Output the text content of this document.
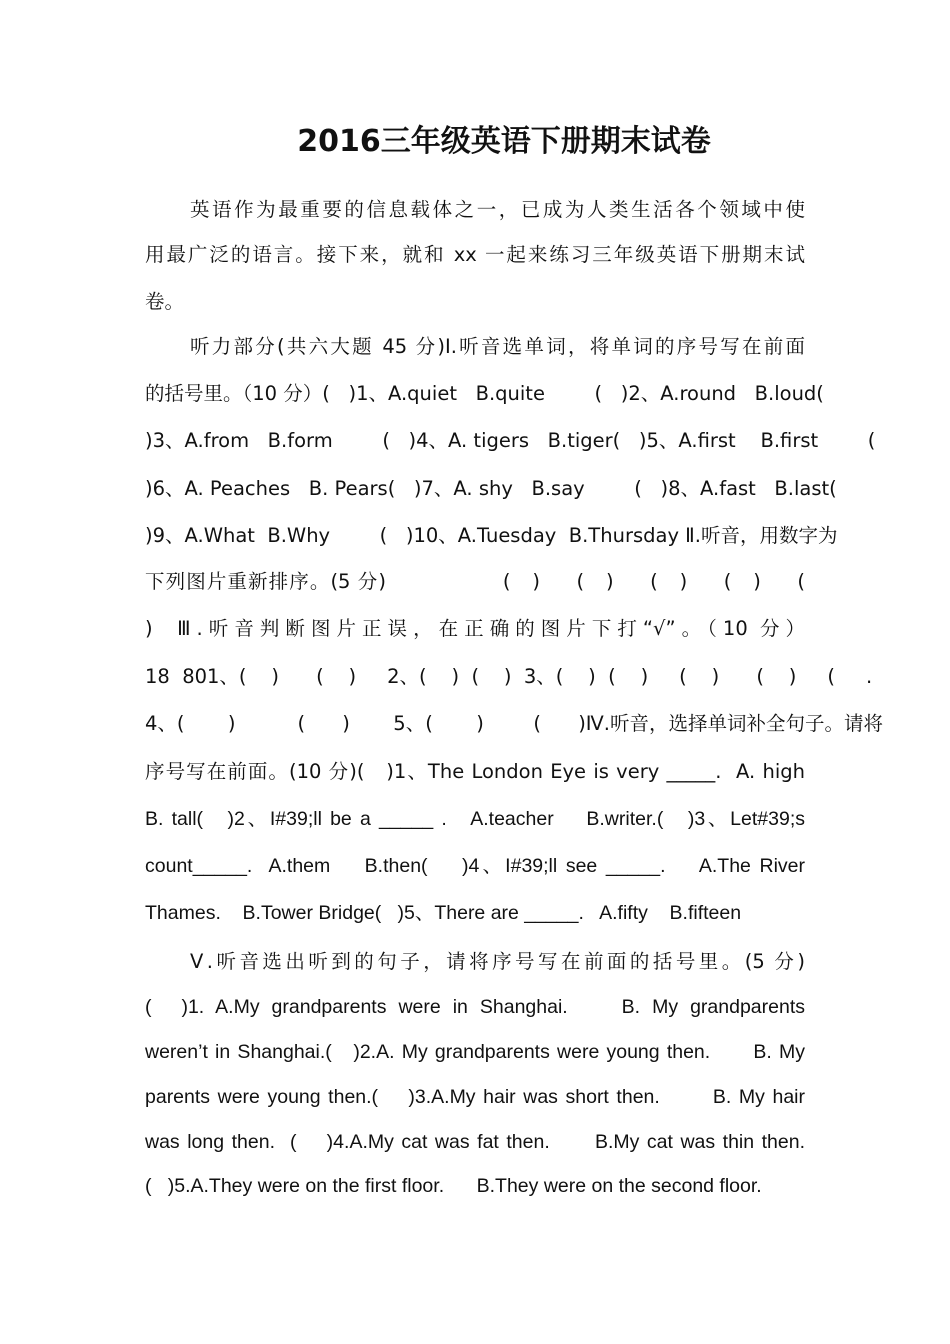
2016三年级英语下册期末试卷
英语作为最重要的信息载体之一，已成为人类生活各个领域中使
用最广泛的语言。接下来，就和 xx 一起来练习三年级英语下册期末试
卷。
听力部分(共六大题 45 分)I.听音选单词，将单词的序号写在前面
的括号里。（10 分）(   )1、A.quiet   B.quite        (   )2、A.round   B.loud(
)3、A.from   B.form        (   )4、A. tigers   B.tiger(   )5、A.first    B.first        (
)6、A. Peaches   B. Pears(   )7、A. shy   B.say        (   )8、A.fast   B.last(
)9、A.What  B.Why        (   )10、A.Tuesday  B.Thursday Ⅱ.听音，用数字为
下列图片重新排序。(5 分)                (   )     (   )     (   )     (   )     (
)  Ⅲ.听音判断图片正误，在正确的图片下打“√”。（10 分）
18  801、(    )      (    )     2、(    )  (    )  3、(    )  (    )     (    )      (    )     (     .
4、(       )          (      )       5、(       )        (      )Ⅳ.听音，选择单词补全句子。请将
序号写在前面。(10 分)(   )1、The London Eye is very _____.  A. high
B. tall(   )2、I#39;ll be a _____ .   A.teacher    B.writer.(   )3、Let#39;s
count_____.  A.them    B.then(    )4、I#39;ll see _____.    A.The River
Thames.    B.Tower Bridge(   )5、There are _____.   A.fifty    B.fifteen
Ⅴ.听音选出听到的句子，请将序号写在前面的括号里。(5 分)
(     )1.  A.My  grandparents  were  in  Shanghai.         B.  My  grandparents
weren’t in Shanghai.(   )2.A. My grandparents were young then.      B. My
parents were young then.(    )3.A.My hair was short then.       B. My hair
was long then.  (    )4.A.My cat was fat then.      B.My cat was thin then.
(   )5.A.They were on the first floor.      B.They were on the second floor.
